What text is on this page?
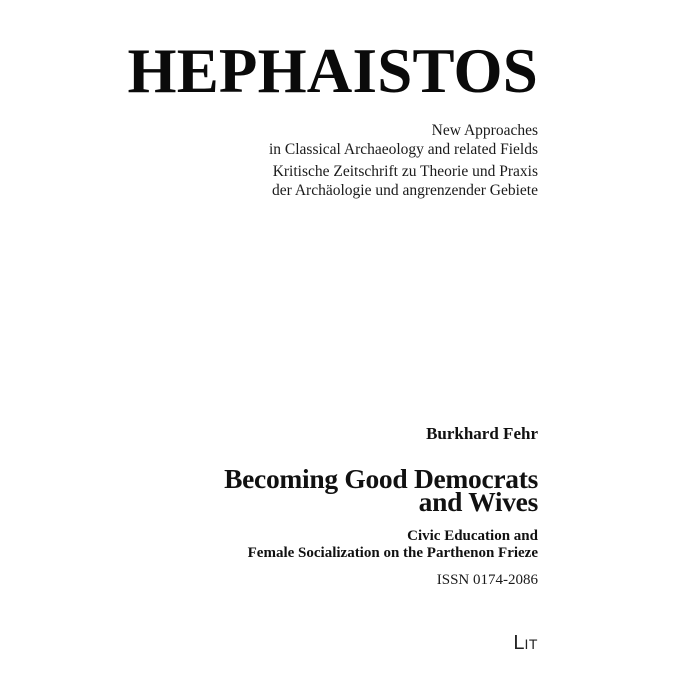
HEPHAISTOS
New Approaches
in Classical Archaeology and related Fields
Kritische Zeitschrift zu Theorie und Praxis
der Archäologie und angrenzender Gebiete
Burkhard Fehr
Becoming Good Democrats
and Wives
Civic Education and
Female Socialization on the Parthenon Frieze
ISSN 0174-2086
LIT
